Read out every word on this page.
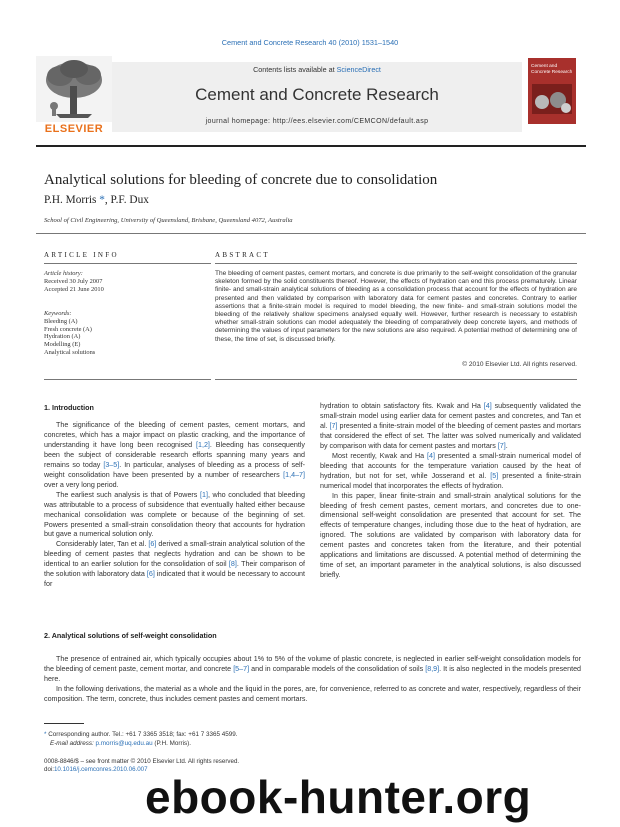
Cement and Concrete Research 40 (2010) 1531–1540
ELSEVIER
Contents lists available at ScienceDirect
Cement and Concrete Research
journal homepage: http://ees.elsevier.com/CEMCON/default.asp
Cement and Concrete Research
Analytical solutions for bleeding of concrete due to consolidation
P.H. Morris *, P.F. Dux
School of Civil Engineering, University of Queensland, Brisbane, Queensland 4072, Australia
ARTICLE INFO	ABSTRACT
Article history:
Received 30 July 2007
Accepted 21 June 2010
Keywords:
Bleeding (A)
Fresh concrete (A)
Hydration (A)
Modelling (E)
Analytical solutions
The bleeding of cement pastes, cement mortars, and concrete is due primarily to the self-weight consolidation of the granular skeleton formed by the solid constituents thereof. However, the effects of hydration can end this process prematurely. Linear finite- and small-strain analytical solutions of bleeding as a consolidation process that account for the effects of hydration are presented and then validated by comparison with laboratory data for cement pastes and concretes. Contrary to earlier assertions that a finite-strain model is required to model bleeding, the new finite- and small-strain solutions model the bleeding of the relatively shallow specimens analysed equally well. However, further research is necessary to establish whether small-strain solutions can model adequately the bleeding of comparatively deep concrete layers, and methods of determining the values of input parameters for the new solutions are also required. A potential method of determining one of these, the time of set, is discussed briefly.
© 2010 Elsevier Ltd. All rights reserved.
1. Introduction

The significance of the bleeding of cement pastes, cement mortars, and concretes, which has a major impact on plastic cracking, and the importance of understanding it have long been recognised [1,2]. Bleeding has consequently been the subject of considerable research efforts spanning many years and remains so today [3–5]. In particular, analyses of bleeding as a process of self-weight consolidation have been presented by a number of researchers [1,4–7] over a very long period.

The earliest such analysis is that of Powers [1], who concluded that bleeding was attributable to a process of subsidence that eventually halted either because mechanical consolidation was complete or because of the beginning of set. Powers presented a small-strain consolidation theory that accounts for hydration but gave a numerical solution only.

Considerably later, Tan et al. [6] derived a small-strain analytical solution of the bleeding of cement pastes that neglects hydration and can be shown to be identical to an earlier solution for the consolidation of soil [8]. Their comparison of the solution with laboratory data [6] indicated that it would be necessary to account for

hydration to obtain satisfactory fits. Kwak and Ha [4] subsequently validated the small-strain model using earlier data for cement pastes and concretes, and Tan et al. [7] presented a finite-strain model of the bleeding of cement pastes and mortars that considered the effect of set. The latter was solved numerically and validated by comparison with data for cement pastes and mortars [7].

Most recently, Kwak and Ha [4] presented a small-strain numerical model of bleeding that accounts for the temperature variation caused by the heat of hydration, but not for set, while Josserand et al. [5] presented a finite-strain numerical model that incorporates the effects of hydration.

In this paper, linear finite-strain and small-strain analytical solutions for the bleeding of fresh cement pastes, cement mortars, and concretes due to one-dimensional self-weight consolidation are presented that account for set. The effects of temperature changes, including those due to the heat of hydration, are ignored. The solutions are validated by comparison with laboratory data for cement pastes and concretes taken from the literature, and their potential applications and limitations are discussed. A potential method of determining the time of set, an important parameter in the analytical solutions, is also discussed briefly.

2. Analytical solutions of self-weight consolidation

The presence of entrained air, which typically occupies about 1% to 5% of the volume of plastic concrete, is neglected in earlier self-weight consolidation models for the bleeding of cement paste, cement mortar, and concrete [5–7] and in comparable models of the consolidation of soils [8,9]. It is also neglected in the models presented here.

In the following derivations, the material as a whole and the liquid in the pores, are, for convenience, referred to as concrete and water, respectively, regardless of their composition. The term, concrete, thus includes cement pastes and cement mortars.

* Corresponding author. Tel.: +61 7 3365 3518; fax: +61 7 3365 4599.
E-mail address: p.morris@uq.edu.au (P.H. Morris).
0008-8846/$ – see front matter © 2010 Elsevier Ltd. All rights reserved.
doi:10.1016/j.cemconres.2010.06.007
ebook-hunter.org
